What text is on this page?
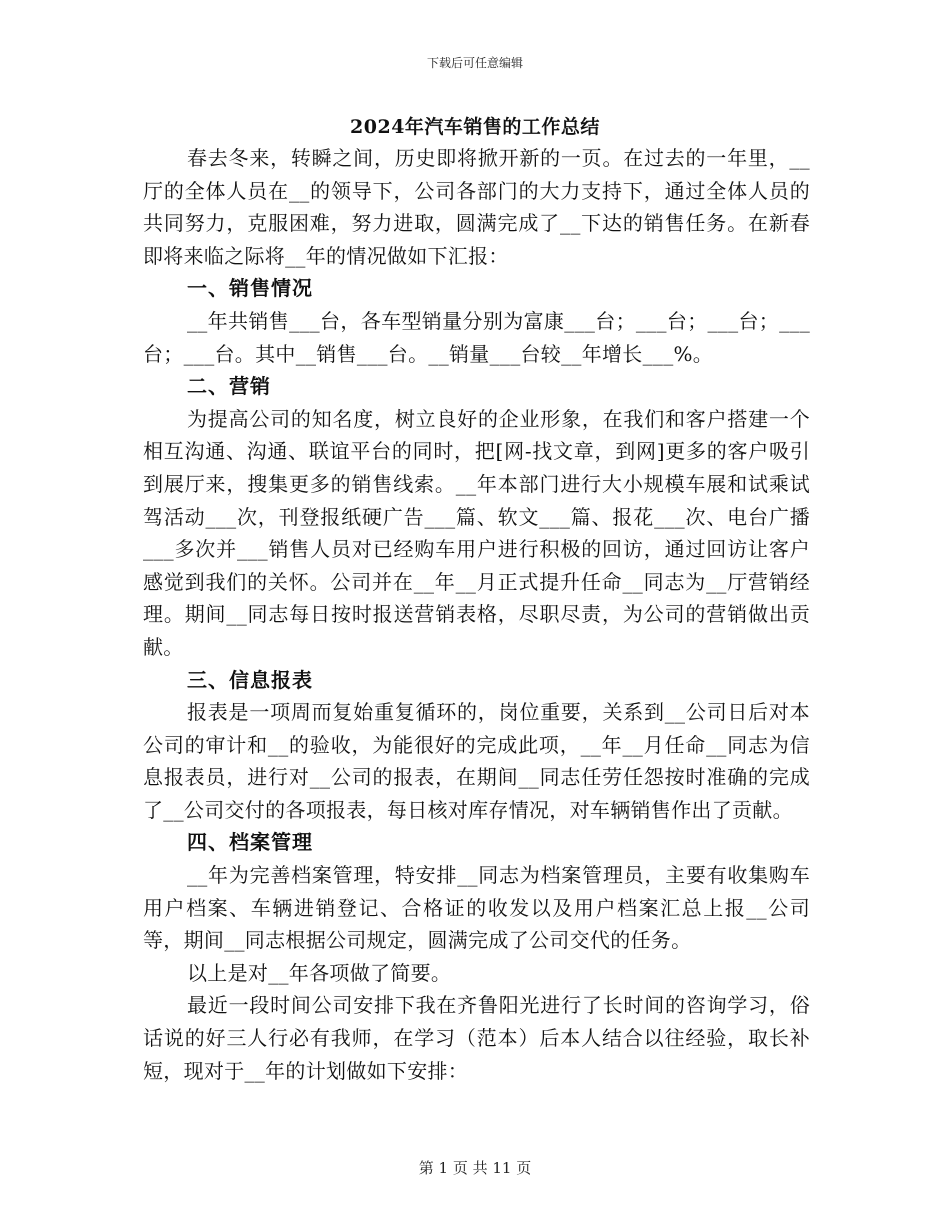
下载后可任意编辑
2024年汽车销售的工作总结

春去冬来，转瞬之间，历史即将掀开新的一页。在过去的一年里，__厅的全体人员在__的领导下，公司各部门的大力支持下，通过全体人员的共同努力，克服困难，努力进取，圆满完成了__下达的销售任务。在新春即将来临之际将__年的情况做如下汇报：

一、销售情况

__年共销售___台，各车型销量分别为富康___台；___台；___台；___台；___台。其中__销售___台。__销量___台较__年增长___%。

二、营销

为提高公司的知名度，树立良好的企业形象，在我们和客户搭建一个相互沟通、沟通、联谊平台的同时，把[网-找文章，到网]更多的客户吸引到展厅来，搜集更多的销售线索。__年本部门进行大小规模车展和试乘试驾活动___次，刊登报纸硬广告___篇、软文___篇、报花___次、电台广播___多次并___销售人员对已经购车用户进行积极的回访，通过回访让客户感觉到我们的关怀。公司并在__年__月正式提升任命__同志为__厅营销经理。期间__同志每日按时报送营销表格，尽职尽责，为公司的营销做出贡献。

三、信息报表

报表是一项周而复始重复循环的，岗位重要，关系到__公司日后对本公司的审计和__的验收，为能很好的完成此项，__年__月任命__同志为信息报表员，进行对__公司的报表，在期间__同志任劳任怨按时准确的完成了__公司交付的各项报表，每日核对库存情况，对车辆销售作出了贡献。

四、档案管理

__年为完善档案管理，特安排__同志为档案管理员，主要有收集购车用户档案、车辆进销登记、合格证的收发以及用户档案汇总上报__公司等，期间__同志根据公司规定，圆满完成了公司交代的任务。

以上是对__年各项做了简要。

最近一段时间公司安排下我在齐鲁阳光进行了长时间的咨询学习，俗话说的好三人行必有我师，在学习（范本）后本人结合以往经验，取长补短，现对于__年的计划做如下安排：

第 1 页 共 11 页
